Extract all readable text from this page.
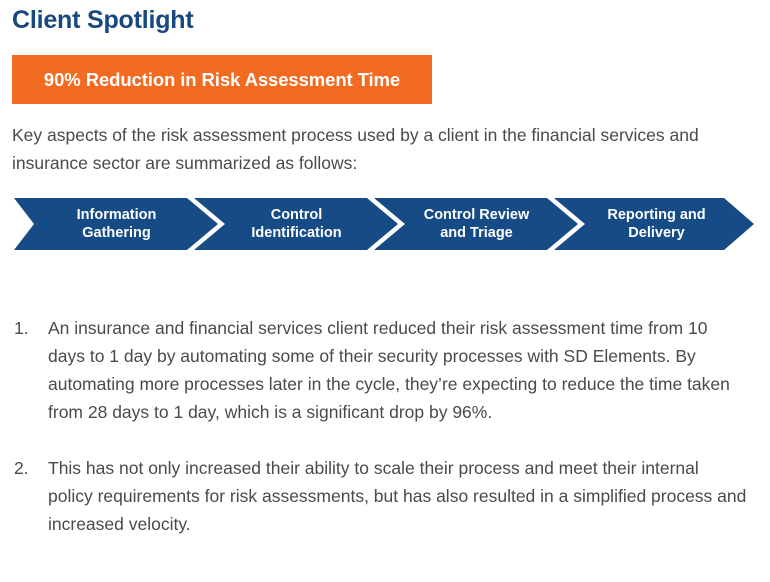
Client Spotlight
90% Reduction in Risk Assessment Time

Key aspects of the risk assessment process used by a client in the financial services and insurance sector are summarized as follows:

Information
Gathering
Control
Identification
Control Review
and Triage
Reporting and
Delivery
1. An insurance and financial services client reduced their risk assessment time from 10 days to 1 day by automating some of their security processes with SD Elements. By automating more processes later in the cycle, they’re expecting to reduce the time taken from 28 days to 1 day, which is a significant drop by 96%.
2. This has not only increased their ability to scale their process and meet their internal policy requirements for risk assessments, but has also resulted in a simplified process and increased velocity.
